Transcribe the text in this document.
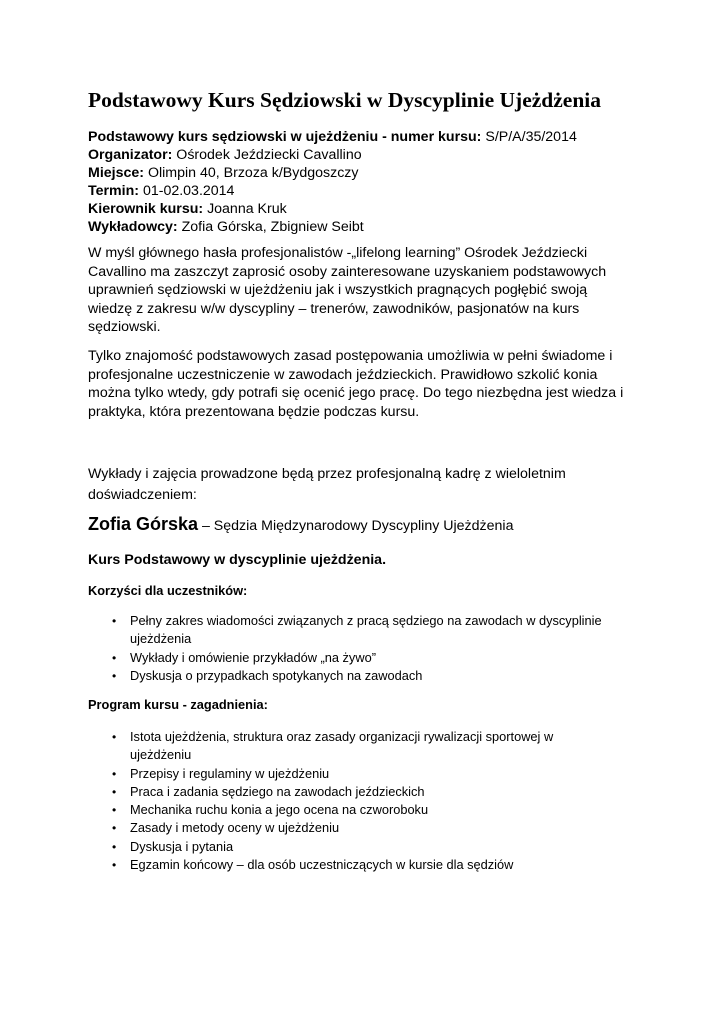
Podstawowy Kurs Sędziowski w Dyscyplinie Ujeżdżenia
Podstawowy kurs sędziowski w ujeżdżeniu - numer kursu: S/P/A/35/2014
Organizator: Ośrodek Jeździecki Cavallino
Miejsce: Olimpin 40, Brzoza k/Bydgoszczy
Termin: 01-02.03.2014
Kierownik kursu: Joanna Kruk
Wykładowcy: Zofia Górska, Zbigniew Seibt
W myśl głównego hasła profesjonalistów -„lifelong learning” Ośrodek Jeździecki
Cavallino ma zaszczyt zaprosić osoby zainteresowane uzyskaniem podstawowych
uprawnień sędziowski w ujeżdżeniu jak i wszystkich pragnących pogłębić swoją
wiedzę z zakresu w/w dyscypliny – trenerów, zawodników, pasjonatów na kurs
sędziowski.
Tylko znajomość podstawowych zasad postępowania umożliwia w pełni świadome i
profesjonalne uczestniczenie w zawodach jeździeckich. Prawidłowo szkolić konia
można tylko wtedy, gdy potrafi się ocenić jego pracę. Do tego niezbędna jest wiedza i
praktyka, która prezentowana będzie podczas kursu.
Wykłady i zajęcia prowadzone będą przez profesjonalną kadrę z wieloletnim
doświadczeniem:
Zofia Górska – Sędzia Międzynarodowy Dyscypliny Ujeżdżenia
Kurs Podstawowy w dyscyplinie ujeżdżenia.
Korzyści dla uczestników:
• Pełny zakres wiadomości związanych z pracą sędziego na zawodach w dyscyplinie
ujeżdżenia
• Wykłady i omówienie przykładów „na żywo”
• Dyskusja o przypadkach spotykanych na zawodach
Program kursu - zagadnienia:
• Istota ujeżdżenia, struktura oraz zasady organizacji rywalizacji sportowej w
ujeżdżeniu
• Przepisy i regulaminy w ujeżdżeniu
• Praca i zadania sędziego na zawodach jeździeckich
• Mechanika ruchu konia a jego ocena na czworoboku
• Zasady i metody oceny w ujeżdżeniu
• Dyskusja i pytania
• Egzamin końcowy – dla osób uczestniczących w kursie dla sędziów
